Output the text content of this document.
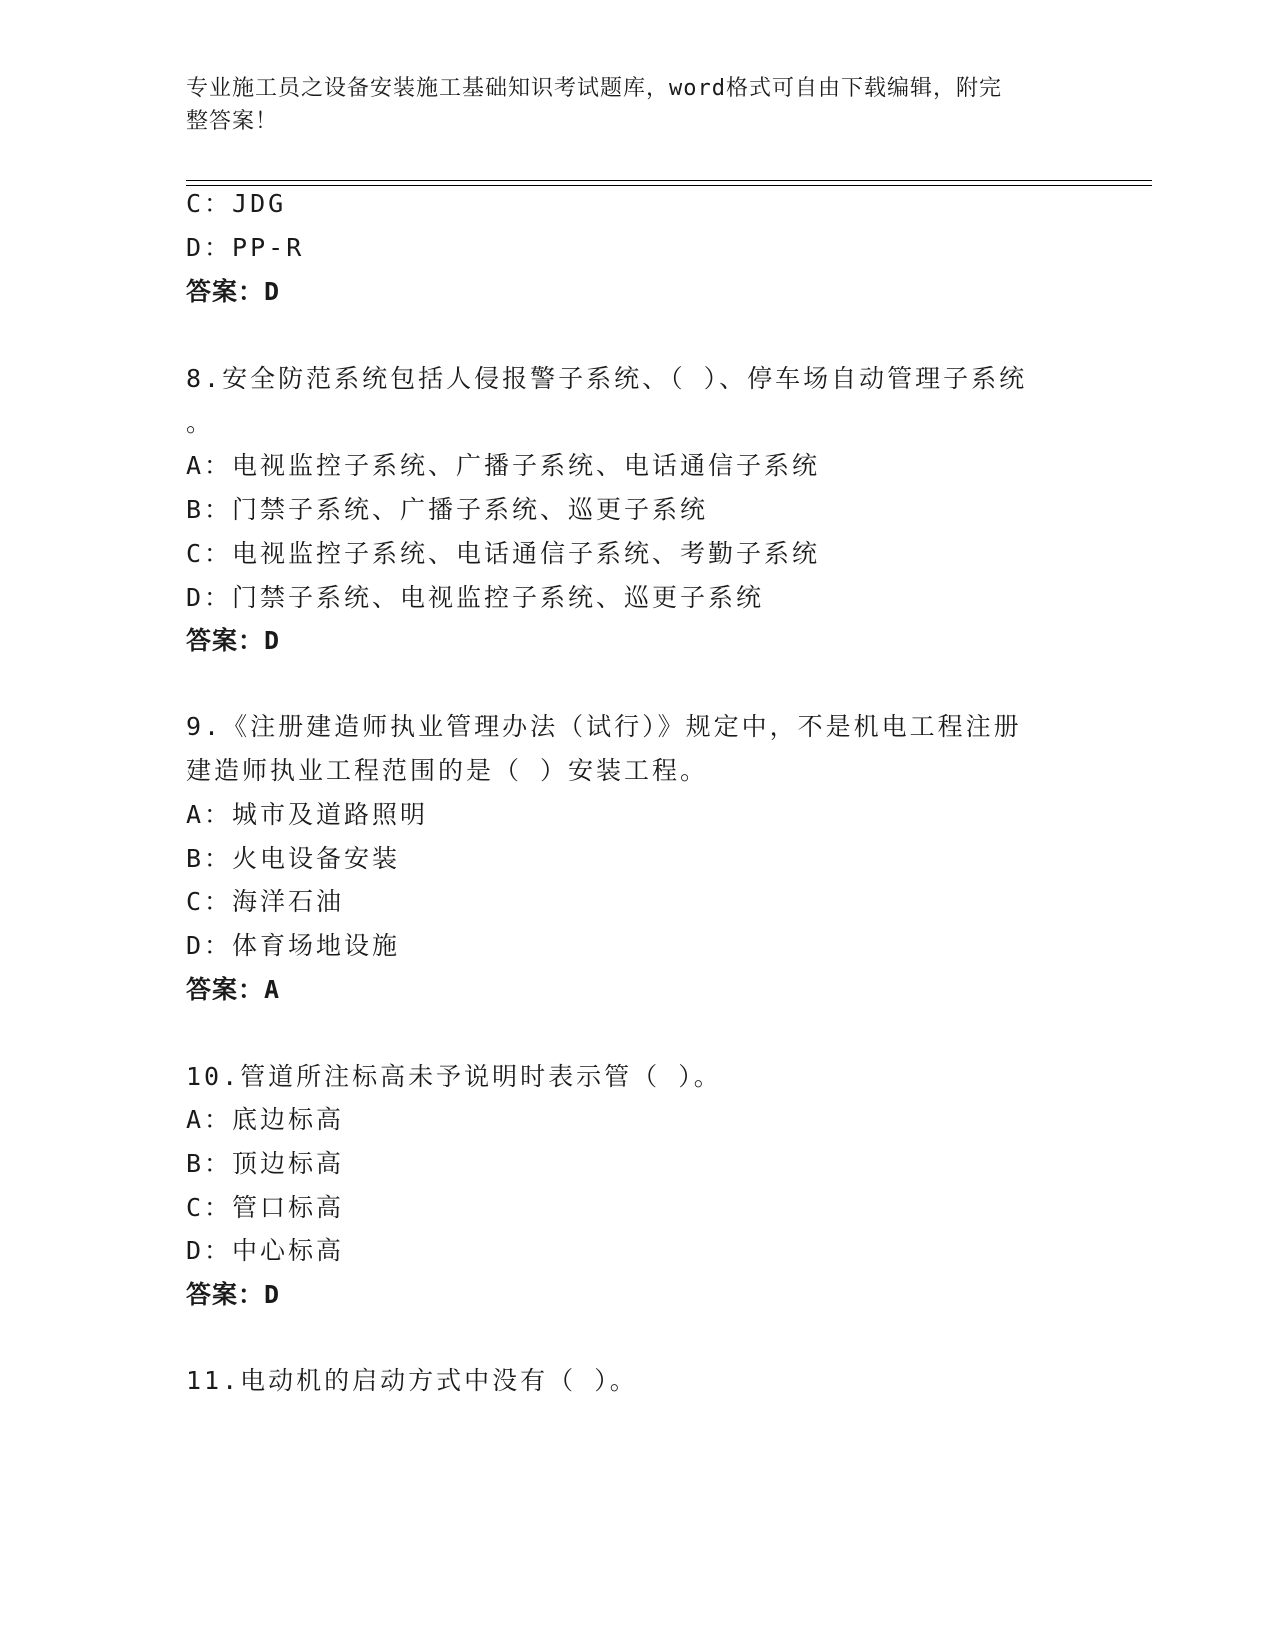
专业施工员之设备安装施工基础知识考试题库，word格式可自由下载编辑，附完
整答案！
C：JDG
D：PP-R
答案：D
8.安全防范系统包括人侵报警子系统、（ ）、停车场自动管理子系统
。
A：电视监控子系统、广播子系统、电话通信子系统
B：门禁子系统、广播子系统、巡更子系统
C：电视监控子系统、电话通信子系统、考勤子系统
D：门禁子系统、电视监控子系统、巡更子系统
答案：D
9.《注册建造师执业管理办法（试行）》规定中，不是机电工程注册
建造师执业工程范围的是（ ）安装工程。
A：城市及道路照明
B：火电设备安装
C：海洋石油
D：体育场地设施
答案：A
10.管道所注标高未予说明时表示管（ ）。
A：底边标高
B：顶边标高
C：管口标高
D：中心标高
答案：D
11.电动机的启动方式中没有（ ）。
